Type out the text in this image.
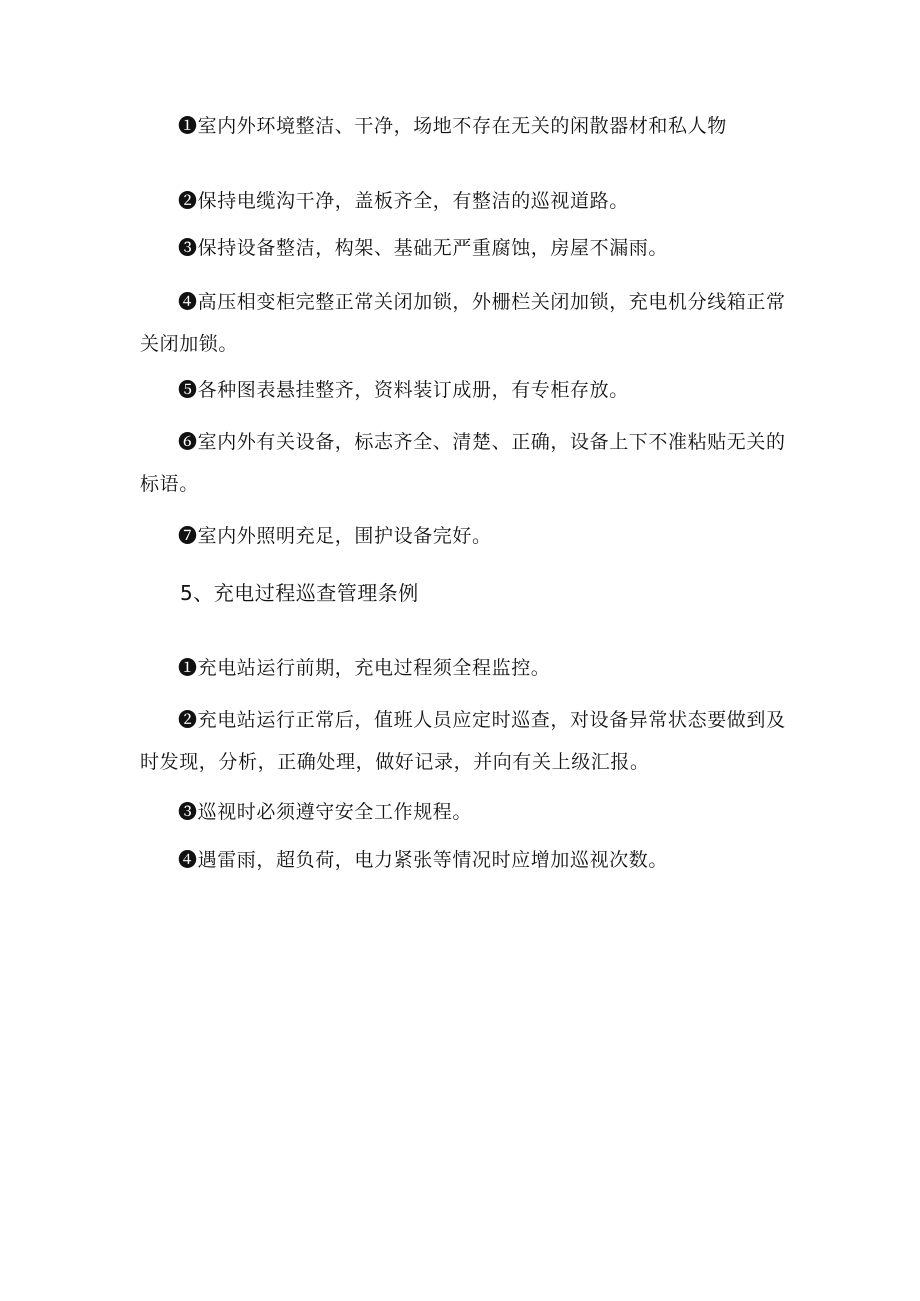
❶室内外环境整洁、干净，场地不存在无关的闲散器材和私人物

❷保持电缆沟干净，盖板齐全，有整洁的巡视道路。

❸保持设备整洁，构架、基础无严重腐蚀，房屋不漏雨。

❹高压相变柜完整正常关闭加锁，外栅栏关闭加锁，充电机分线箱正常关闭加锁。

❺各种图表悬挂整齐，资料装订成册，有专柜存放。

❻室内外有关设备，标志齐全、清楚、正确，设备上下不准粘贴无关的标语。

❼室内外照明充足，围护设备完好。

5、充电过程巡查管理条例

❶充电站运行前期，充电过程须全程监控。

❷充电站运行正常后，值班人员应定时巡查，对设备异常状态要做到及时发现，分析，正确处理，做好记录，并向有关上级汇报。

❸巡视时必须遵守安全工作规程。

❹遇雷雨，超负荷，电力紧张等情况时应增加巡视次数。
